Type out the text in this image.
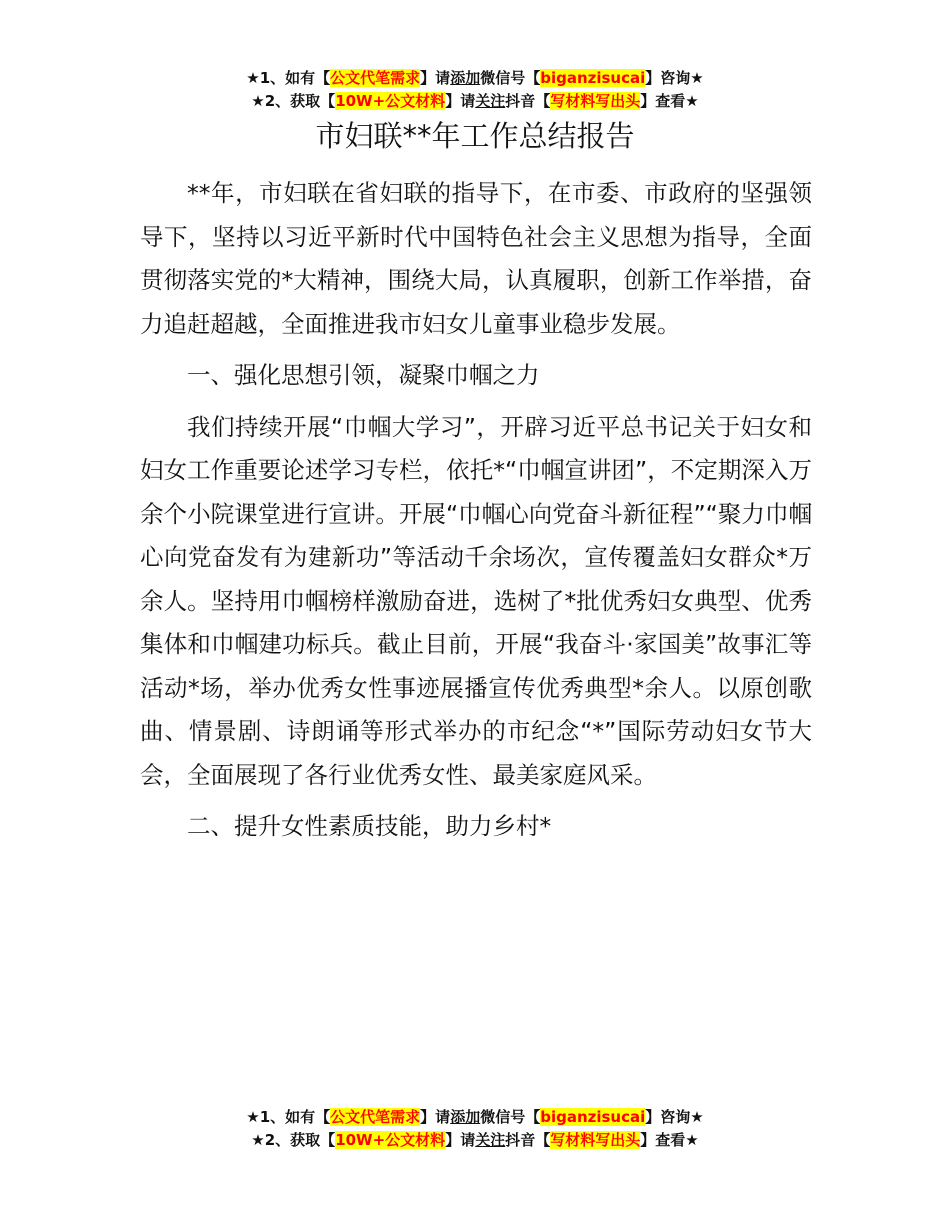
★1、如有【公文代笔需求】请添加微信号【biganzisucai】咨询★
★2、获取【10W+公文材料】请关注抖音【写材料写出头】查看★
市妇联**年工作总结报告

**年，市妇联在省妇联的指导下，在市委、市政府的坚强领导下，坚持以习近平新时代中国特色社会主义思想为指导，全面贯彻落实党的*大精神，围绕大局，认真履职，创新工作举措，奋力追赶超越，全面推进我市妇女儿童事业稳步发展。

一、强化思想引领，凝聚巾帼之力

我们持续开展“巾帼大学习”，开辟习近平总书记关于妇女和妇女工作重要论述学习专栏，依托*“巾帼宣讲团”，不定期深入万余个小院课堂进行宣讲。开展“巾帼心向党奋斗新征程”“聚力巾帼心向党奋发有为建新功”等活动千余场次，宣传覆盖妇女群众*万余人。坚持用巾帼榜样激励奋进，选树了*批优秀妇女典型、优秀集体和巾帼建功标兵。截止目前，开展“我奋斗·家国美”故事汇等活动*场，举办优秀女性事迹展播宣传优秀典型*余人。以原创歌曲、情景剧、诗朗诵等形式举办的市纪念“*”国际劳动妇女节大会，全面展现了各行业优秀女性、最美家庭风采。

二、提升女性素质技能，助力乡村*

★1、如有【公文代笔需求】请添加微信号【biganzisucai】咨询★
★2、获取【10W+公文材料】请关注抖音【写材料写出头】查看★
